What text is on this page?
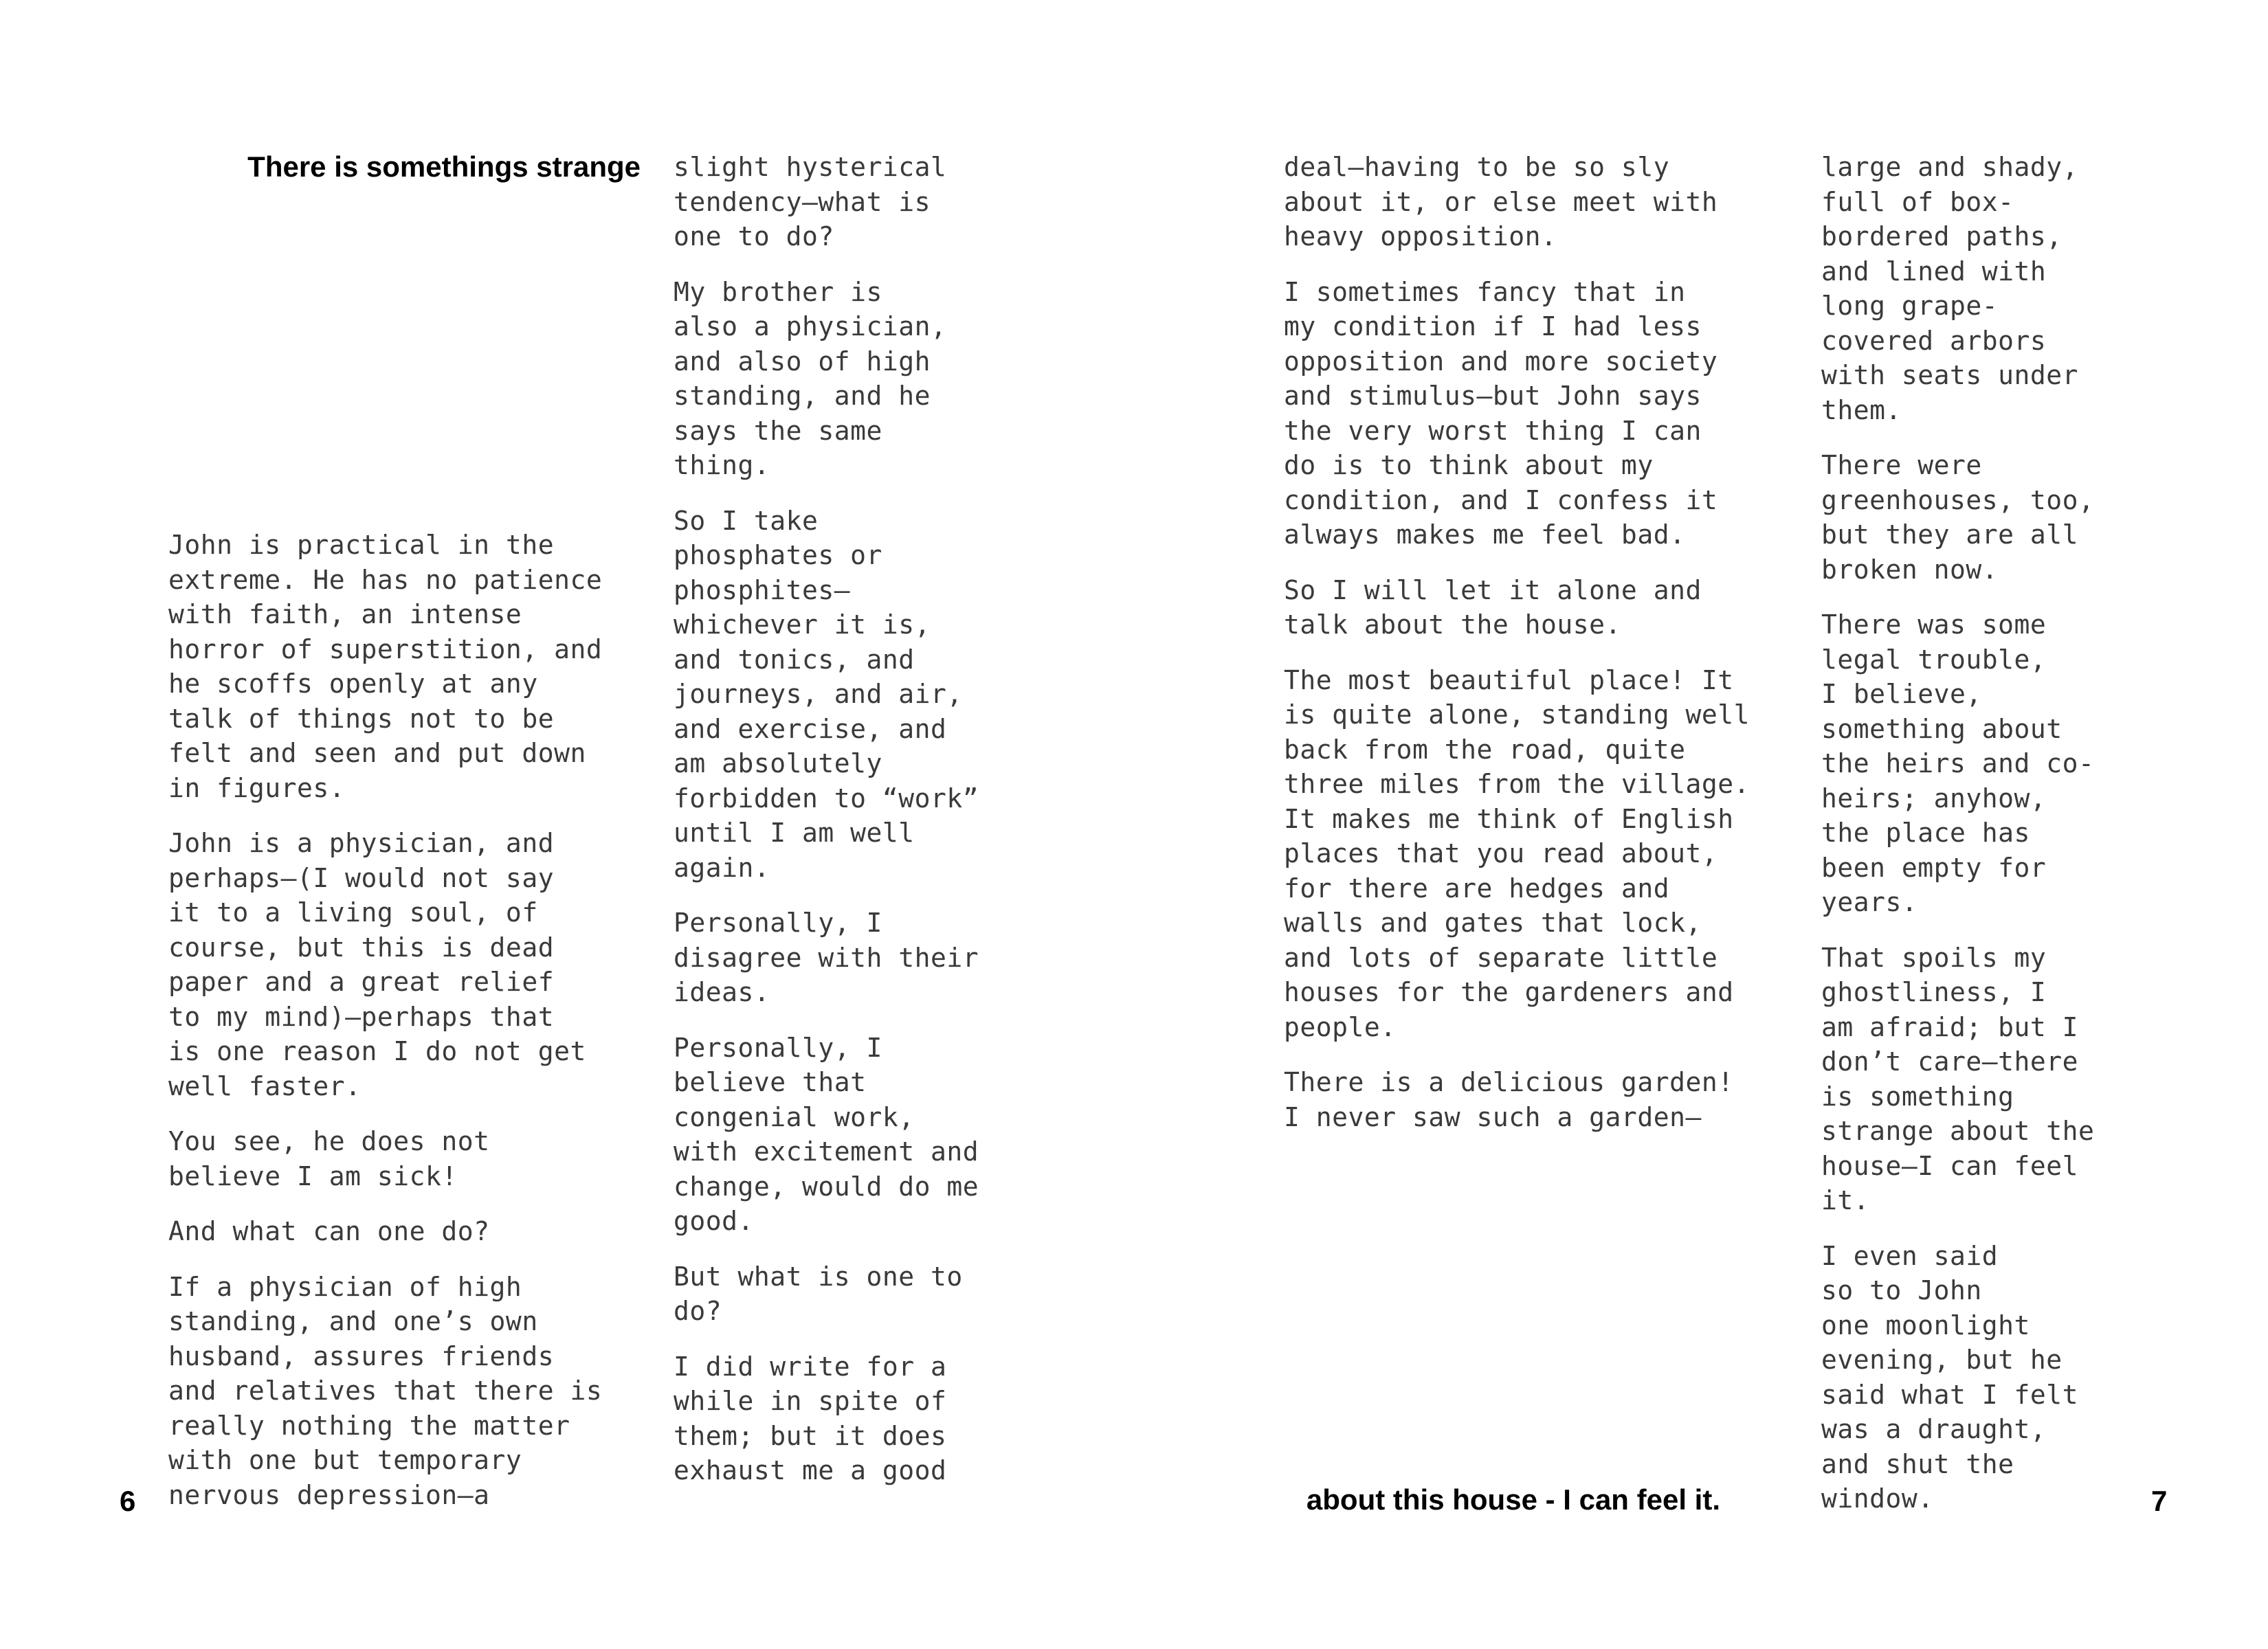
There is somethings strange

John is practical in the
extreme. He has no patience
with faith, an intense
horror of superstition, and
he scoffs openly at any
talk of things not to be
felt and seen and put down
in figures.

John is a physician, and
perhaps—(I would not say
it to a living soul, of
course, but this is dead
paper and a great relief
to my mind)—perhaps that
is one reason I do not get
well faster.

You see, he does not
believe I am sick!

And what can one do?

If a physician of high
standing, and one’s own
husband, assures friends
and relatives that there is
really nothing the matter
with one but temporary
nervous depression—a

slight hysterical
tendency—what is
one to do?

My brother is
also a physician,
and also of high
standing, and he
says the same
thing.

So I take
phosphates or
phosphites—
whichever it is,
and tonics, and
journeys, and air,
and exercise, and
am absolutely
forbidden to “work”
until I am well
again.

Personally, I
disagree with their
ideas.

Personally, I
believe that
congenial work,
with excitement and
change, would do me
good.

But what is one to
do?

I did write for a
while in spite of
them; but it does
exhaust me a good

6

deal—having to be so sly
about it, or else meet with
heavy opposition.

I sometimes fancy that in
my condition if I had less
opposition and more society
and stimulus—but John says
the very worst thing I can
do is to think about my
condition, and I confess it
always makes me feel bad.

So I will let it alone and
talk about the house.

The most beautiful place! It
is quite alone, standing well
back from the road, quite
three miles from the village.
It makes me think of English
places that you read about,
for there are hedges and
walls and gates that lock,
and lots of separate little
houses for the gardeners and
people.

There is a delicious garden!
I never saw such a garden—

large and shady,
full of box-
bordered paths,
and lined with
long grape-
covered arbors
with seats under
them.

There were
greenhouses, too,
but they are all
broken now.

There was some
legal trouble,
I believe,
something about
the heirs and co-
heirs; anyhow,
the place has
been empty for
years.

That spoils my
ghostliness, I
am afraid; but I
don’t care—there
is something
strange about the
house—I can feel
it.

I even said
so to John
one moonlight
evening, but he
said what I felt
was a draught,
and shut the
window.

about this house - I can feel it.	7
